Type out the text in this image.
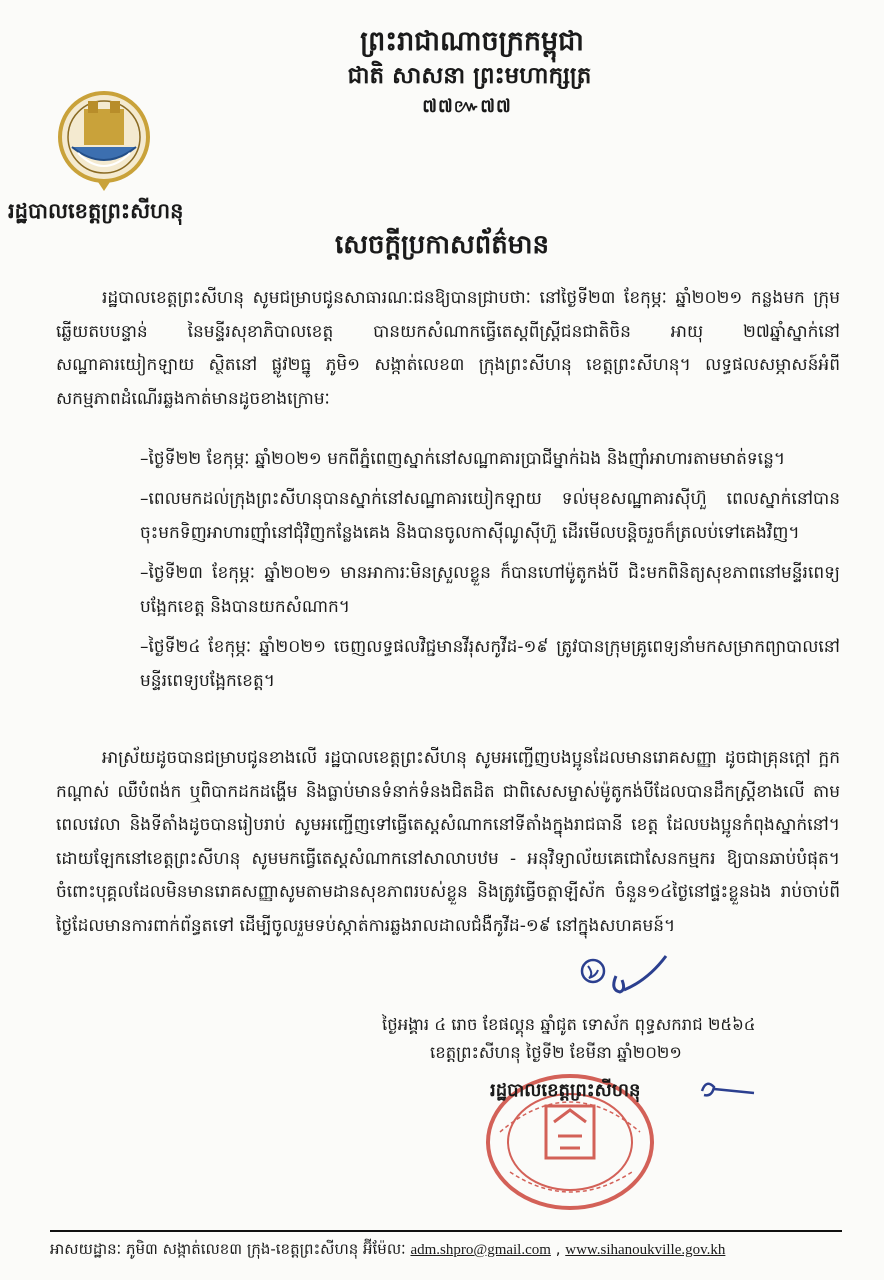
ព្រះរាជាណាចក្រកម្ពុជា
ជាតិ សាសនា ព្រះមហាក្សត្រ
៧៧៚៧៧
រដ្ឋបាលខេត្តព្រះសីហនុ
សេចក្តីប្រកាសព័ត៌មាន
រដ្ឋបាលខេត្តព្រះសីហនុ សូមជម្រាបជូនសាធារណៈជនឱ្យបានជ្រាបថាៈ នៅថ្ងៃទី២៣ ខែកុម្ភៈ ឆ្នាំ២០២១ កន្លងមក ក្រុមឆ្លើយតបបន្ទាន់ នៃមន្ទីរសុខាភិបាលខេត្ត បានយកសំណាកធ្វើតេស្តពីស្ត្រីជនជាតិចិន អាយុ ២៧ឆ្នាំស្នាក់នៅសណ្ឋាគារយៀកឡាយ ស្ថិតនៅ ផ្លូវ២ធ្នូ ភូមិ១ សង្កាត់លេខ៣ ក្រុងព្រះសីហនុ ខេត្តព្រះសីហនុ។ លទ្ធផលសម្ភាសន៍អំពីសកម្មភាពដំណើរឆ្លងកាត់មានដូចខាងក្រោមៈ
–ថ្ងៃទី២២ ខែកុម្ភៈ ឆ្នាំ២០២១ មកពីភ្នំពេញស្នាក់នៅសណ្ឋាគារប្រាជីម្នាក់ឯង និងញ៉ាំអាហារតាមមាត់ទន្លេ។
–ពេលមកដល់ក្រុងព្រះសីហនុបានស្នាក់នៅសណ្ឋាគារយៀកឡាយ ទល់មុខសណ្ឋាគារស៊ីហ៊ួ ពេលស្នាក់នៅបានចុះមកទិញអាហារញ៉ាំនៅជុំវិញកន្លែងគេង និងបានចូលកាស៊ីណូស៊ីហ៊ួ ដើរមើលបន្តិចរួចក៏ត្រលប់ទៅគេងវិញ។
–ថ្ងៃទី២៣ ខែកុម្ភៈ ឆ្នាំ២០២១ មានអាការៈមិនស្រួលខ្លួន ក៏បានហៅម៉ូតូកង់បី ជិះមកពិនិត្យសុខភាពនៅមន្ទីរពេទ្យបង្អែកខេត្ត និងបានយកសំណាក។
–ថ្ងៃទី២៤ ខែកុម្ភៈ ឆ្នាំ២០២១ ចេញលទ្ធផលវិជ្ជមានវីរុសកូវីដ-១៩ ត្រូវបានក្រុមគ្រូពេទ្យនាំមកសម្រាកព្យាបាលនៅមន្ទីរពេទ្យបង្អែកខេត្ត។
អាស្រ័យដូចបានជម្រាបជូនខាងលើ រដ្ឋបាលខេត្តព្រះសីហនុ សូមអញ្ជើញបងប្អូនដែលមានរោគសញ្ញា ដូចជាគ្រុនក្តៅ ក្អក កណ្តាស់ ឈឺបំពង់ក ឬពិបាកដកដង្ហើម និងធ្លាប់មានទំនាក់ទំនងជិតដិត ជាពិសេសម្ចាស់ម៉ូតូកង់បីដែលបានដឹកស្ត្រីខាងលើ តាមពេលវេលា និងទីតាំងដូចបានរៀបរាប់ សូមអញ្ជើញទៅធ្វើតេស្តសំណាកនៅទីតាំងក្នុងរាជធានី ខេត្ត ដែលបងប្អូនកំពុងស្នាក់នៅ។ ដោយឡែកនៅខេត្តព្រះសីហនុ សូមមកធ្វើតេស្តសំណាកនៅសាលាបឋម - អនុវិទ្យាល័យគេជោសែនកម្មករ ឱ្យបានឆាប់បំផុត។ ចំពោះបុគ្គលដែលមិនមានរោគសញ្ញាសូមតាមដានសុខភាពរបស់ខ្លួន និងត្រូវធ្វើចត្តាឡីស័ក ចំនួន១៤ថ្ងៃនៅផ្ទះខ្លួនឯង រាប់ចាប់ពីថ្ងៃដែលមានការពាក់ព័ន្ធតទៅ ដើម្បីចូលរួមទប់ស្កាត់ការឆ្លងរាលដាលជំងឺកូវីដ-១៩ នៅក្នុងសហគមន៍។
ថ្ងៃអង្គារ ៤ រោច ខែផល្គុន ឆ្នាំជូត ទោស័ក ពុទ្ធសករាជ ២៥៦៤
ខេត្តព្រះសីហនុ ថ្ងៃទី២ ខែមីនា ឆ្នាំ២០២១
រដ្ឋបាលខេត្តព្រះសីហនុ
អាសយដ្ឋានៈ ភូមិ៣ សង្កាត់លេខ៣ ក្រុង-ខេត្តព្រះសីហនុ អ៊ីម៉ែលៈ adm.shpro@gmail.com , www.sihanoukville.gov.kh
